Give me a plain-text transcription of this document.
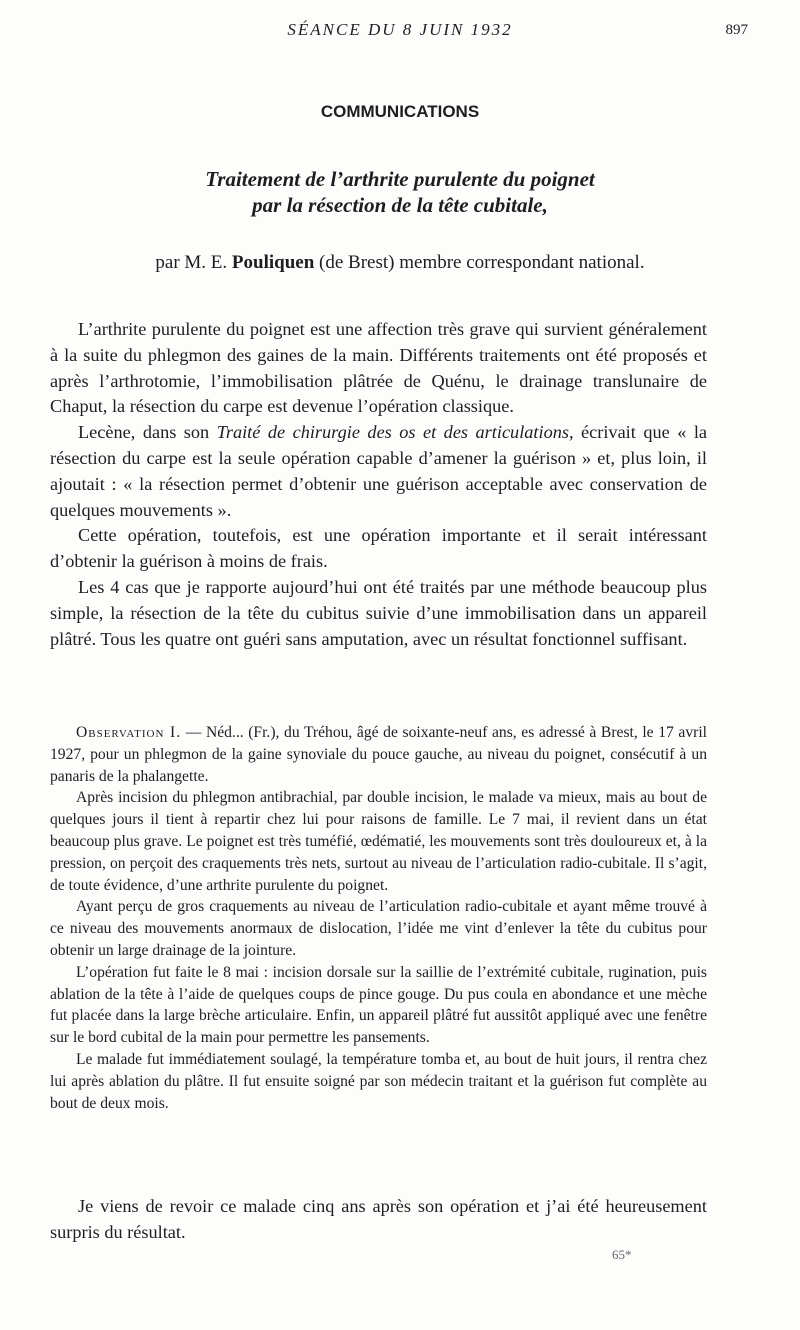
SÉANCE DU 8 JUIN 1932	897
COMMUNICATIONS
Traitement de l’arthrite purulente du poignet
par la résection de la tête cubitale,
par M. E. Pouliquen (de Brest) membre correspondant national.

L’arthrite purulente du poignet est une affection très grave qui survient généralement à la suite du phlegmon des gaines de la main. Différents traitements ont été proposés et après l’arthrotomie, l’immobilisation plâtrée de Quénu, le drainage translunaire de Chaput, la résection du carpe est devenue l’opération classique.

Lecène, dans son Traité de chirurgie des os et des articulations, écrivait que « la résection du carpe est la seule opération capable d’amener la guérison » et, plus loin, il ajoutait : « la résection permet d’obtenir une guérison acceptable avec conservation de quelques mouvements ».

Cette opération, toutefois, est une opération importante et il serait intéressant d’obtenir la guérison à moins de frais.

Les 4 cas que je rapporte aujourd’hui ont été traités par une méthode beaucoup plus simple, la résection de la tête du cubitus suivie d’une immobilisation dans un appareil plâtré. Tous les quatre ont guéri sans amputation, avec un résultat fonctionnel suffisant.

Observation I. — Néd... (Fr.), du Tréhou, âgé de soixante-neuf ans, es adressé à Brest, le 17 avril 1927, pour un phlegmon de la gaine synoviale du pouce gauche, au niveau du poignet, consécutif à un panaris de la phalangette.

Après incision du phlegmon antibrachial, par double incision, le malade va mieux, mais au bout de quelques jours il tient à repartir chez lui pour raisons de famille. Le 7 mai, il revient dans un état beaucoup plus grave. Le poignet est très tuméfié, œdématié, les mouvements sont très douloureux et, à la pression, on perçoit des craquements très nets, surtout au niveau de l’articulation radio-cubitale. Il s’agit, de toute évidence, d’une arthrite purulente du poignet.

Ayant perçu de gros craquements au niveau de l’articulation radio-cubitale et ayant même trouvé à ce niveau des mouvements anormaux de dislocation, l’idée me vint d’enlever la tête du cubitus pour obtenir un large drainage de la jointure.

L’opération fut faite le 8 mai : incision dorsale sur la saillie de l’extrémité cubitale, rugination, puis ablation de la tête à l’aide de quelques coups de pince gouge. Du pus coula en abondance et une mèche fut placée dans la large brèche articulaire. Enfin, un appareil plâtré fut aussitôt appliqué avec une fenêtre sur le bord cubital de la main pour permettre les pansements.

Le malade fut immédiatement soulagé, la température tomba et, au bout de huit jours, il rentra chez lui après ablation du plâtre. Il fut ensuite soigné par son médecin traitant et la guérison fut complète au bout de deux mois.

Je viens de revoir ce malade cinq ans après son opération et j’ai été heureusement surpris du résultat.

65*
